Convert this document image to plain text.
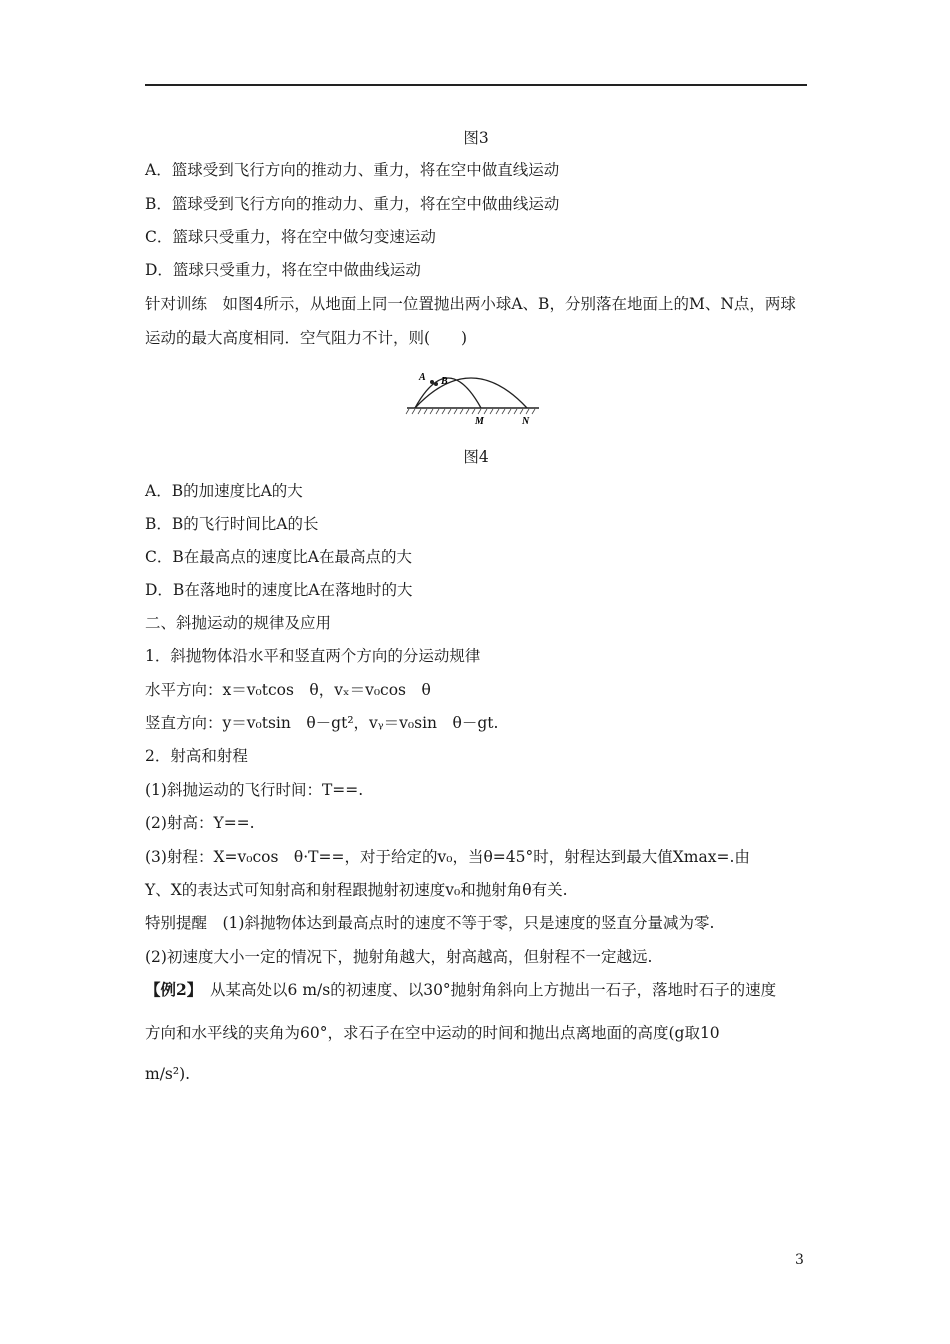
图3
A．篮球受到飞行方向的推动力、重力，将在空中做直线运动
B．篮球受到飞行方向的推动力、重力，将在空中做曲线运动
C．篮球只受重力，将在空中做匀变速运动
D．篮球只受重力，将在空中做曲线运动
针对训练　如图4所示，从地面上同一位置抛出两小球A、B，分别落在地面上的M、N点，两球
运动的最大高度相同．空气阻力不计，则(　　)
A B
M	N
图4
A．B的加速度比A的大
B．B的飞行时间比A的长
C．B在最高点的速度比A在最高点的大
D．B在落地时的速度比A在落地时的大
二、斜抛运动的规律及应用
1．斜抛物体沿水平和竖直两个方向的分运动规律
水平方向：x＝v₀tcos　θ，vₓ＝v₀cos　θ
竖直方向：y＝v₀tsin　θ－gt²，vᵧ＝v₀sin　θ－gt.
2．射高和射程
(1)斜抛运动的飞行时间：T==.
(2)射高：Y==.
(3)射程：X=v₀cos　θ·T==，对于给定的v₀，当θ=45°时，射程达到最大值Xmax=.由
Y、X的表达式可知射高和射程跟抛射初速度v₀和抛射角θ有关.
特别提醒　(1)斜抛物体达到最高点时的速度不等于零，只是速度的竖直分量减为零.
(2)初速度大小一定的情况下，抛射角越大，射高越高，但射程不一定越远.
【例2】　从某高处以6 m/s的初速度、以30°抛射角斜向上方抛出一石子，落地时石子的速度
方向和水平线的夹角为60°，求石子在空中运动的时间和抛出点离地面的高度(g取10
m/s²).
3
